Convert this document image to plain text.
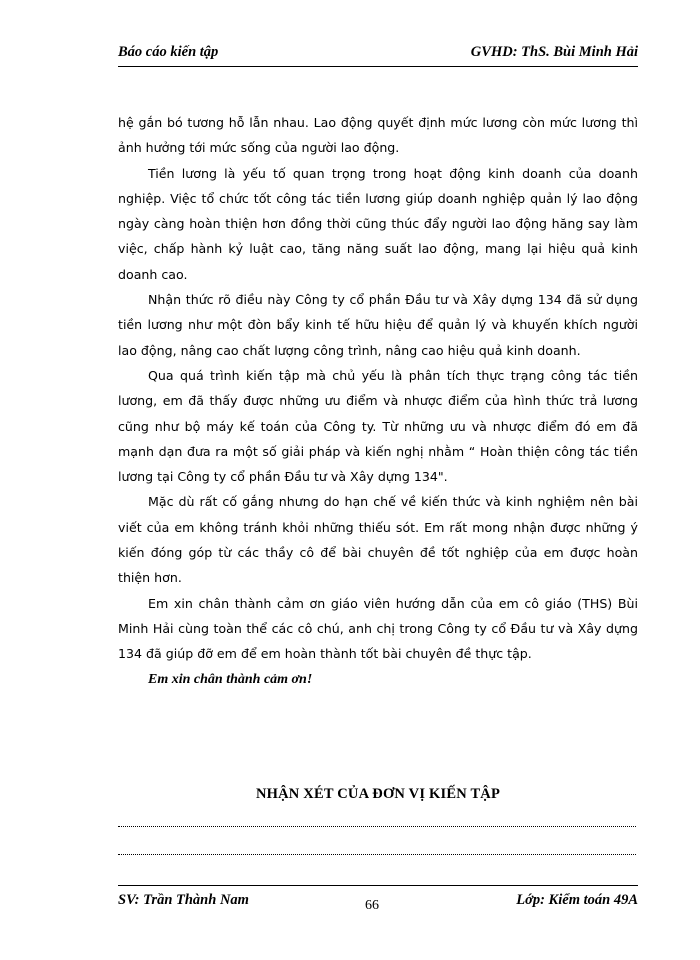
Báo cáo kiến tập	GVHD: ThS. Bùi Minh Hải

hệ gắn bó tương hỗ lẫn nhau. Lao động quyết định mức lương còn mức lương thì ảnh hưởng tới mức sống của người lao động.

Tiền lương là yếu tố quan trọng trong hoạt động kinh doanh của doanh nghiệp. Việc tổ chức tốt công tác tiền lương giúp doanh nghiệp quản lý lao động ngày càng hoàn thiện hơn đồng thời cũng thúc đẩy người lao động hăng say làm việc, chấp hành kỷ luật cao, tăng năng suất lao động, mang lại hiệu quả kinh doanh cao.

Nhận thức rõ điều này Công ty cổ phần Đầu tư và Xây dựng 134 đã sử dụng tiền lương như một đòn bẩy kinh tế hữu hiệu để quản lý và khuyến khích người lao động, nâng cao chất lượng công trình, nâng cao hiệu quả kinh doanh.

Qua quá trình kiến tập mà chủ yếu là phân tích thực trạng công tác tiền lương, em đã thấy được những ưu điểm và nhược điểm của hình thức trả lương cũng như bộ máy kế toán của Công ty. Từ những ưu và nhược điểm đó em đã mạnh dạn đưa ra một số giải pháp và kiến nghị nhằm “ Hoàn thiện công tác tiền lương tại Công ty cổ phần Đầu tư và Xây dựng 134".

Mặc dù rất cố gắng nhưng do hạn chế về kiến thức và kinh nghiệm nên bài viết của em không tránh khỏi những thiếu sót. Em rất mong nhận được những ý kiến đóng góp từ các thầy cô để bài chuyên đề tốt nghiệp của em được hoàn thiện hơn.

Em xin chân thành cảm ơn giáo viên hướng dẫn của em cô giáo (THS) Bùi Minh Hải cùng toàn thể các cô chú, anh chị trong Công ty cổ Đầu tư và Xây dựng 134 đã giúp đỡ em để em hoàn thành tốt bài chuyên đề thực tập.

Em xin chân thành cảm ơn!

NHẬN XÉT CỦA ĐƠN VỊ KIẾN TẬP
SV: Trần Thành Nam	66	Lớp: Kiểm toán 49A
